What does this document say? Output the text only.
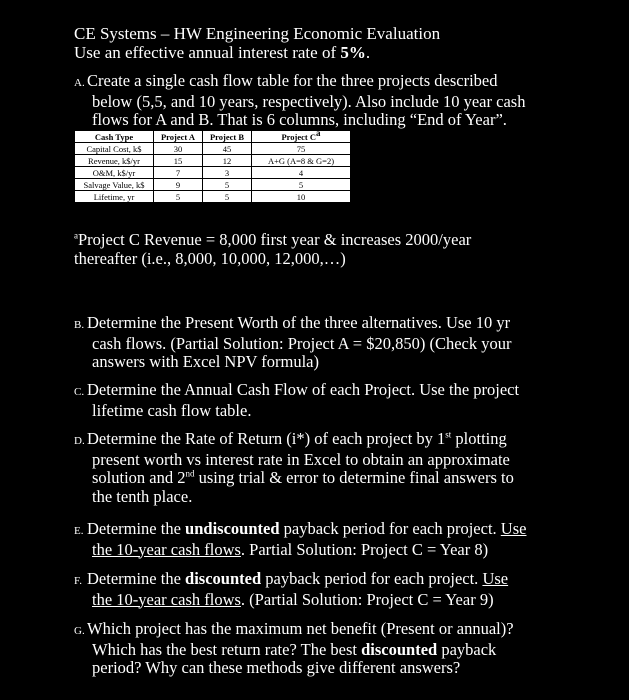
CE Systems – HW Engineering Economic Evaluation
Use an effective annual interest rate of 5%.
A. Create a single cash flow table for the three projects described
below (5,5, and 10 years, respectively). Also include 10 year cash
flows for A and B. That is 6 columns, including “End of Year”.
Cash Type	Project A	Project B	Project $C^a$
Capital Cost, k$	30	45	75
Revenue, k$/yr	15	12	A+G (A=8 & G=2)
O&M, k$/yr	7	3	4
Salvage Value, k$	9	5	5
Lifetime, yr	5	5	10
$^a$Project C Revenue = 8,000 first year & increases 2000/year
thereafter (i.e., 8,000, 10,000, 12,000,…)
B. Determine the Present Worth of the three alternatives. Use 10 yr
cash flows. (Partial Solution: Project A = $20,850) (Check your
answers with Excel NPV formula)
C. Determine the Annual Cash Flow of each Project. Use the project
lifetime cash flow table.
D. Determine the Rate of Return (i*) of each project by 1st plotting
present worth vs interest rate in Excel to obtain an approximate
solution and 2nd using trial & error to determine final answers to
the tenth place.
E. Determine the undiscounted payback period for each project. Use
the 10-year cash flows. Partial Solution: Project C = Year 8)
F. Determine the discounted payback period for each project. Use
the 10-year cash flows. (Partial Solution: Project C = Year 9)
G. Which project has the maximum net benefit (Present or annual)?
Which has the best return rate? The best discounted payback
period? Why can these methods give different answers?
